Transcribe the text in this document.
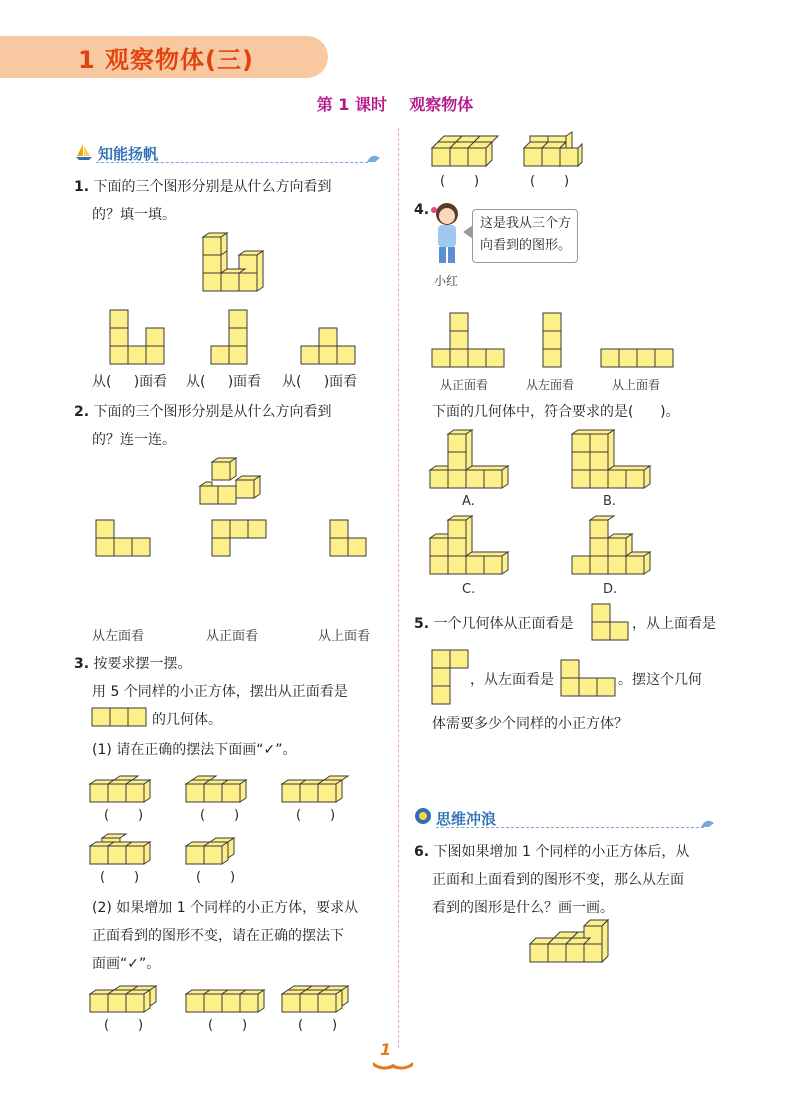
1 观察物体(三)
第 1 课时    观察物体
知能扬帆
1. 下面的三个图形分别是从什么方向看到
的？填一填。
从(     )面看 从(     )面看 从(     )面看
2. 下面的三个图形分别是从什么方向看到
的？连一连。
从左面看	从正面看	从上面看
3. 按要求摆一摆。
用 5 个同样的小正方体，摆出从正面看是
的几何体。
(1) 请在正确的摆法下面画“✓”。
(       )	(       )	(       )
(       )	(       )
(2) 如果增加 1 个同样的小正方体，要求从
正面看到的图形不变，请在正确的摆法下
面画“✓”。
(       )	(       )	(       )
(       )	(       )
4.
这是我从三个方
向看到的图形。
小红
从正面看	从左面看	从上面看
下面的几何体中，符合要求的是(      )。
A.	B.
C.	D.
5. 一个几何体从正面看是	，从上面看是
，从左面看是	。摆这个几何
体需要多少个同样的小正方体？
思维冲浪
6. 下图如果增加 1 个同样的小正方体后，从
正面和上面看到的图形不变，那么从左面
看到的图形是什么？画一画。
1
